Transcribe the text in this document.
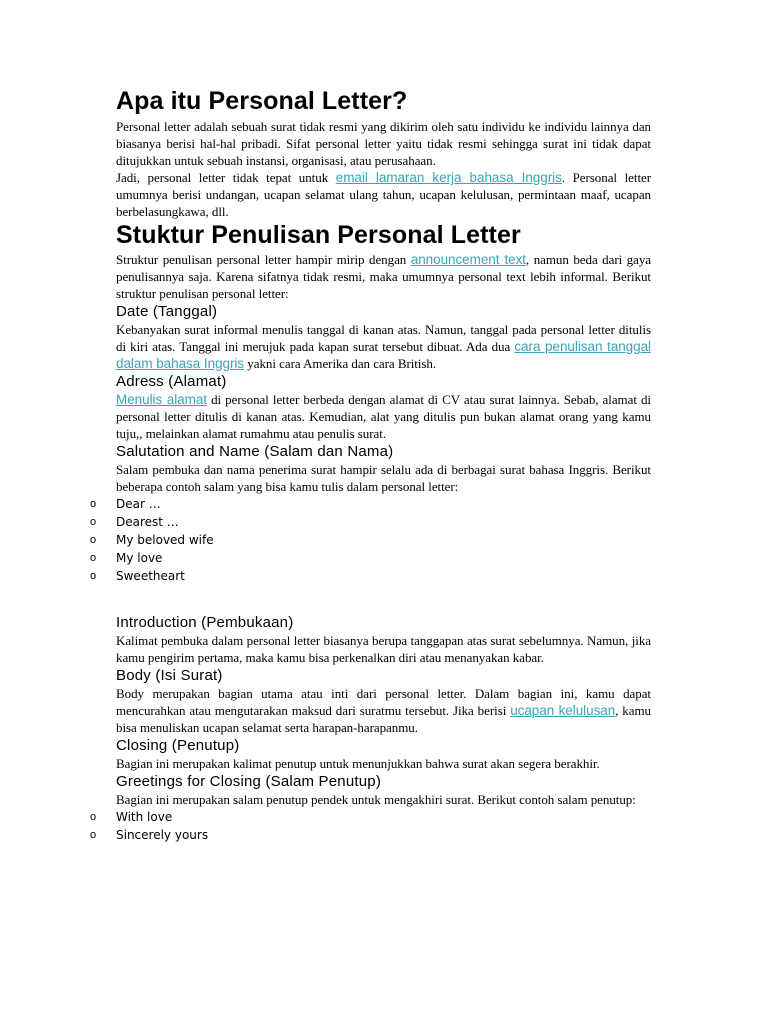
Apa itu Personal Letter?

Personal letter adalah sebuah surat tidak resmi yang dikirim oleh satu individu ke individu lainnya dan biasanya berisi hal-hal pribadi. Sifat personal letter yaitu tidak resmi sehingga surat ini tidak dapat ditujukkan untuk sebuah instansi, organisasi, atau perusahaan.

Jadi, personal letter tidak tepat untuk email lamaran kerja bahasa Inggris. Personal letter umumnya berisi undangan, ucapan selamat ulang tahun, ucapan kelulusan, permintaan maaf, ucapan berbelasungkawa, dll.

Stuktur Penulisan Personal Letter

Struktur penulisan personal letter hampir mirip dengan announcement text, namun beda dari gaya penulisannya saja. Karena sifatnya tidak resmi, maka umumnya personal text lebih informal. Berikut struktur penulisan personal letter:

Date (Tanggal)

Kebanyakan surat informal menulis tanggal di kanan atas. Namun, tanggal pada personal letter ditulis di kiri atas. Tanggal ini merujuk pada kapan surat tersebut dibuat. Ada dua cara penulisan tanggal dalam bahasa Inggris yakni cara Amerika dan cara British.

Adress (Alamat)

Menulis alamat di personal letter berbeda dengan alamat di CV atau surat lainnya. Sebab, alamat di personal letter ditulis di kanan atas. Kemudian, alat yang ditulis pun bukan alamat orang yang kamu tuju,, melainkan alamat rumahmu atau penulis surat.

Salutation and Name (Salam dan Nama)

Salam pembuka dan nama penerima surat hampir selalu ada di berbagai surat bahasa Inggris. Berikut beberapa contoh salam yang bisa kamu tulis dalam personal letter:

o Dear …
o Dearest …
o My beloved wife
o My love
o Sweetheart
Introduction (Pembukaan)

Kalimat pembuka dalam personal letter biasanya berupa tanggapan atas surat sebelumnya. Namun, jika kamu pengirim pertama, maka kamu bisa perkenalkan diri atau menanyakan kabar.

Body (Isi Surat)

Body merupakan bagian utama atau inti dari personal letter. Dalam bagian ini, kamu dapat mencurahkan atau mengutarakan maksud dari suratmu tersebut. Jika berisi ucapan kelulusan, kamu bisa menuliskan ucapan selamat serta harapan-harapanmu.

Closing (Penutup)

Bagian ini merupakan kalimat penutup untuk menunjukkan bahwa surat akan segera berakhir.

Greetings for Closing (Salam Penutup)

Bagian ini merupakan salam penutup pendek untuk mengakhiri surat. Berikut contoh salam penutup:

o With love
o Sincerely yours
